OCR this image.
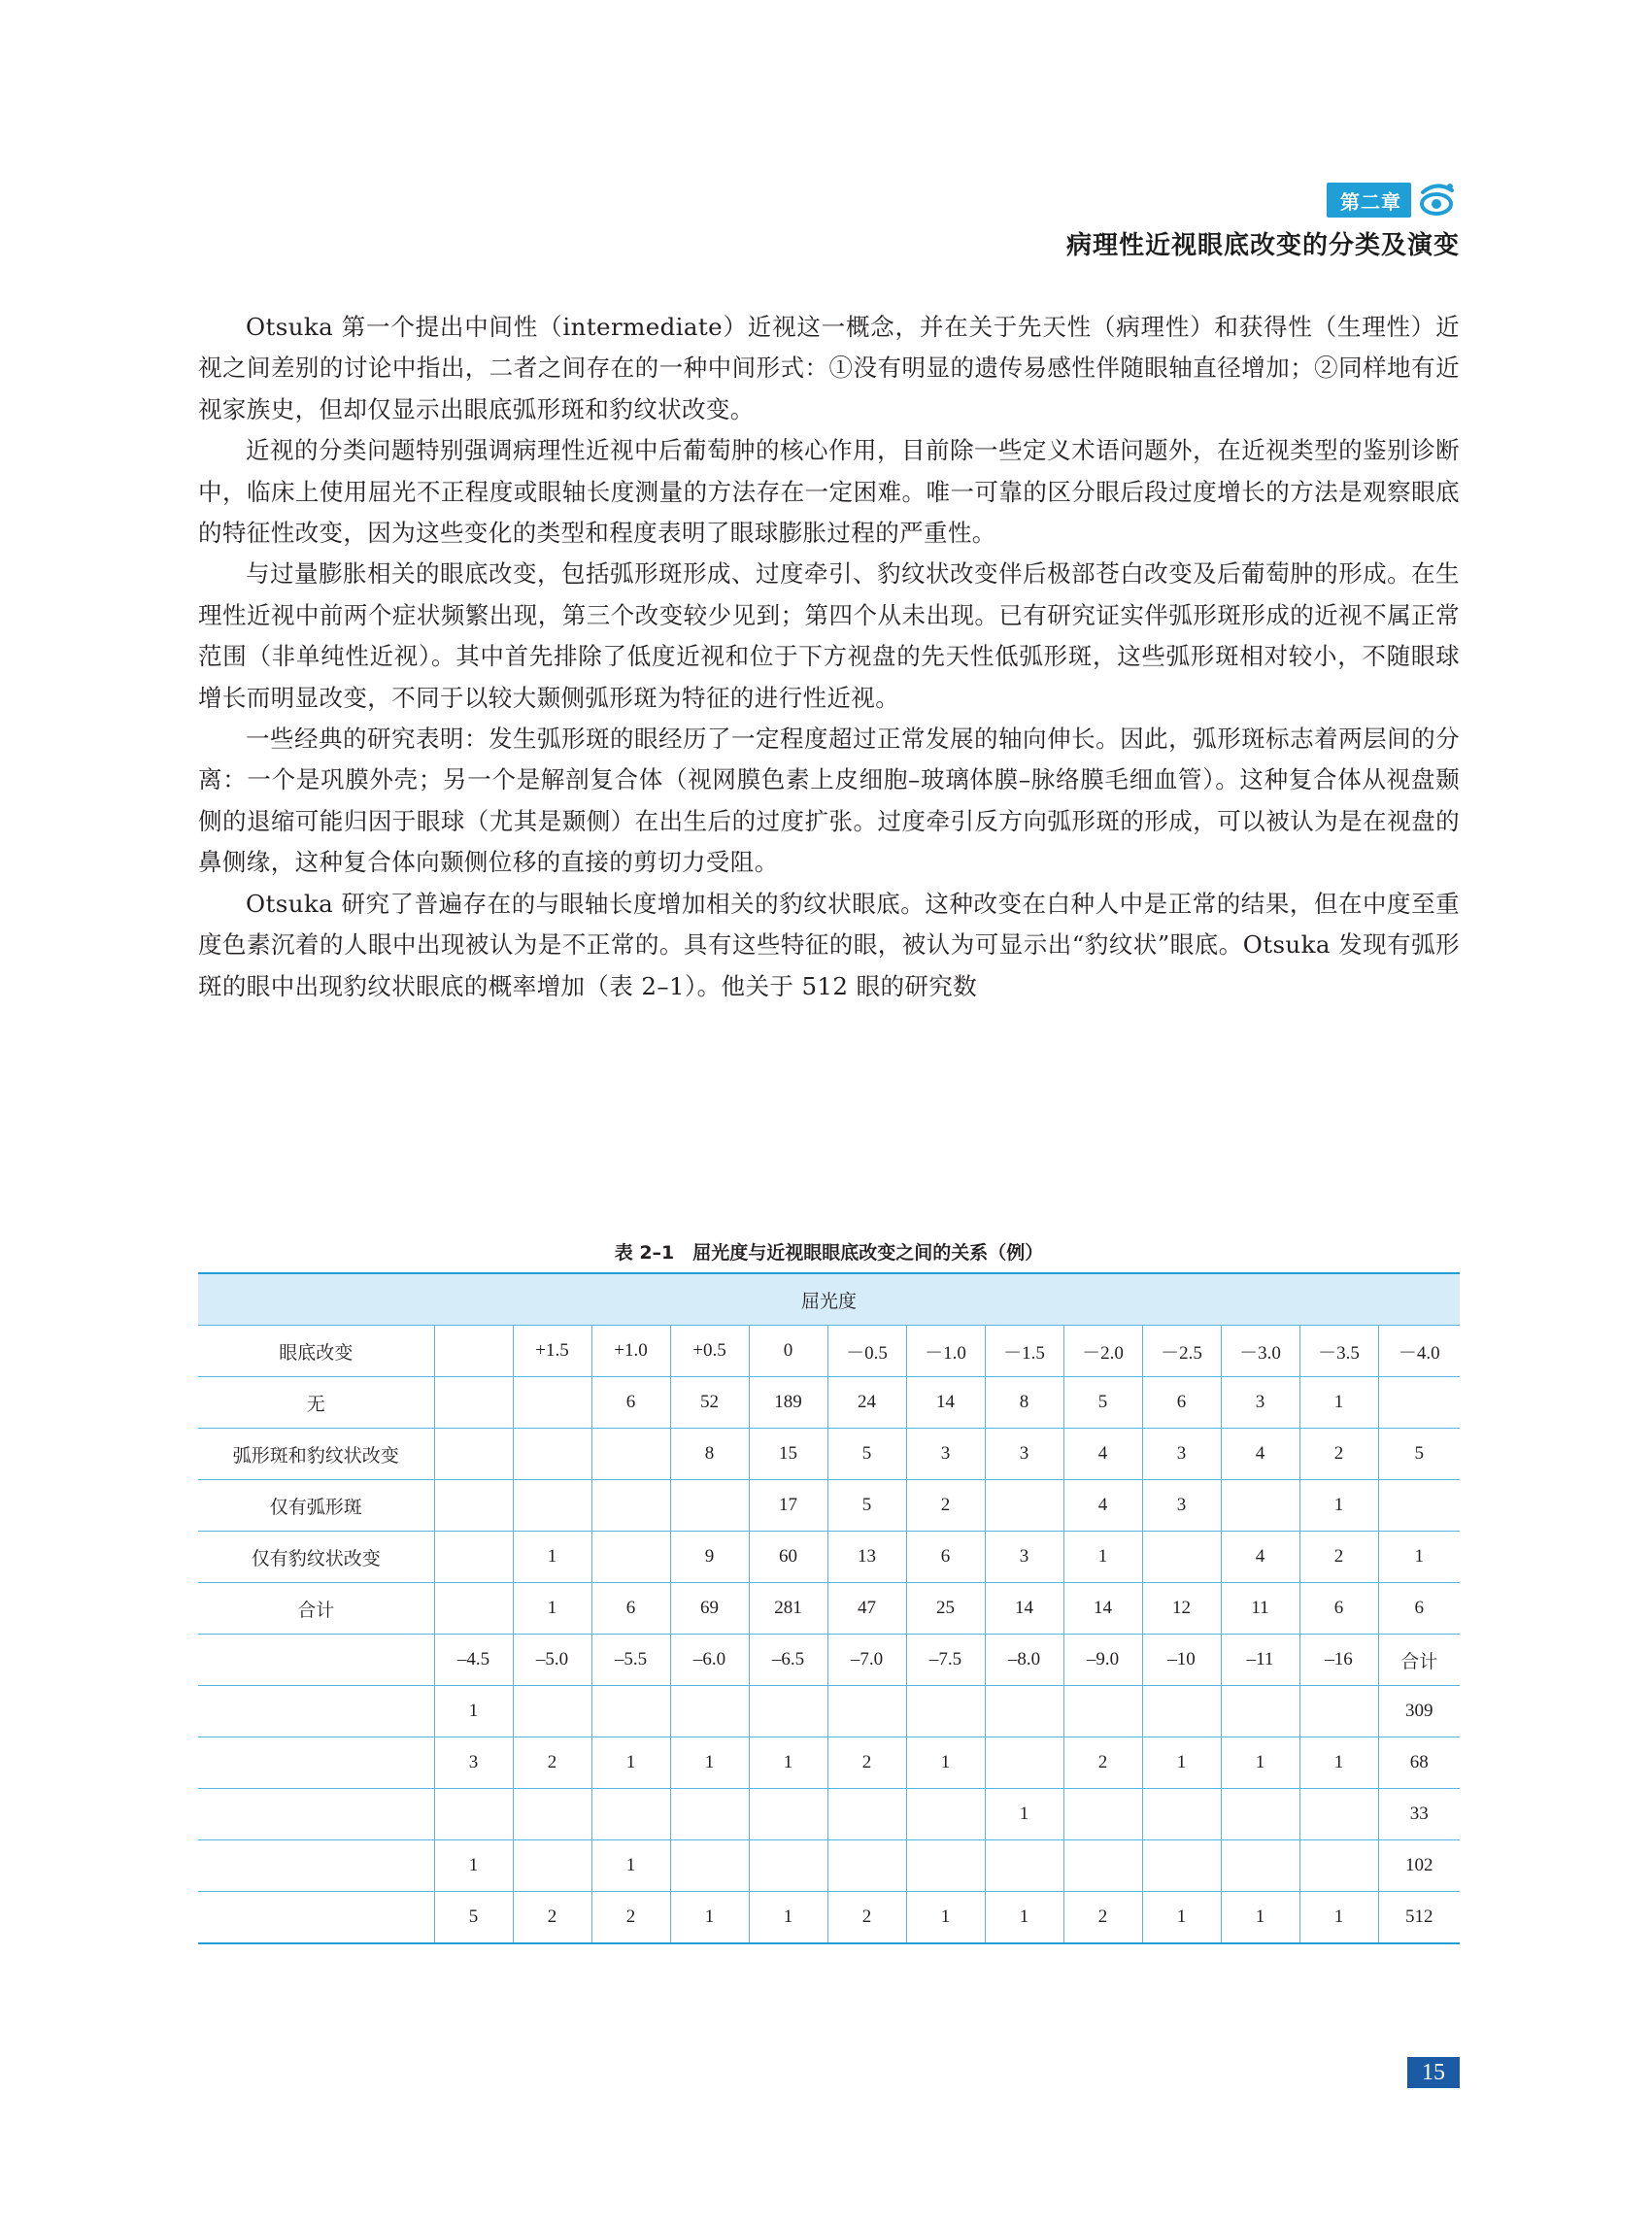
第二章
病理性近视眼底改变的分类及演变

Otsuka 第一个提出中间性（intermediate）近视这一概念，并在关于先天性（病理性）和获得性（生理性）近视之间差别的讨论中指出，二者之间存在的一种中间形式：①没有明显的遗传易感性伴随眼轴直径增加；②同样地有近视家族史，但却仅显示出眼底弧形斑和豹纹状改变。

近视的分类问题特别强调病理性近视中后葡萄肿的核心作用，目前除一些定义术语问题外，在近视类型的鉴别诊断中，临床上使用屈光不正程度或眼轴长度测量的方法存在一定困难。唯一可靠的区分眼后段过度增长的方法是观察眼底的特征性改变，因为这些变化的类型和程度表明了眼球膨胀过程的严重性。

与过量膨胀相关的眼底改变，包括弧形斑形成、过度牵引、豹纹状改变伴后极部苍白改变及后葡萄肿的形成。在生理性近视中前两个症状频繁出现，第三个改变较少见到；第四个从未出现。已有研究证实伴弧形斑形成的近视不属正常范围（非单纯性近视）。其中首先排除了低度近视和位于下方视盘的先天性低弧形斑，这些弧形斑相对较小，不随眼球增长而明显改变，不同于以较大颞侧弧形斑为特征的进行性近视。

一些经典的研究表明：发生弧形斑的眼经历了一定程度超过正常发展的轴向伸长。因此，弧形斑标志着两层间的分离：一个是巩膜外壳；另一个是解剖复合体（视网膜色素上皮细胞–玻璃体膜–脉络膜毛细血管）。这种复合体从视盘颞侧的退缩可能归因于眼球（尤其是颞侧）在出生后的过度扩张。过度牵引反方向弧形斑的形成，可以被认为是在视盘的鼻侧缘，这种复合体向颞侧位移的直接的剪切力受阻。

Otsuka 研究了普遍存在的与眼轴长度增加相关的豹纹状眼底。这种改变在白种人中是正常的结果，但在中度至重度色素沉着的人眼中出现被认为是不正常的。具有这些特征的眼，被认为可显示出“豹纹状”眼底。Otsuka 发现有弧形斑的眼中出现豹纹状眼底的概率增加（表 2–1）。他关于 512 眼的研究数

表 2–1　屈光度与近视眼眼底改变之间的关系（例）
屈光度													
眼底改变		+1.5	+1.0	+0.5	0	－0.5	－1.0	－1.5	－2.0	－2.5	－3.0	－3.5	－4.0
无			6	52	189	24	14	8	5	6	3	1	
弧形斑和豹纹状改变				8	15	5	3	3	4	3	4	2	5
仅有弧形斑					17	5	2		4	3		1	
仅有豹纹状改变		1		9	60	13	6	3	1		4	2	1
合计		1	6	69	281	47	25	14	14	12	11	6	6
	–4.5	–5.0	–5.5	–6.0	–6.5	–7.0	–7.5	–8.0	–9.0	–10	–11	–16	合计
	1												309
	3	2	1	1	1	2	1		2	1	1	1	68
								1					33
	1		1										102
	5	2	2	1	1	2	1	1	2	1	1	1	512
15
